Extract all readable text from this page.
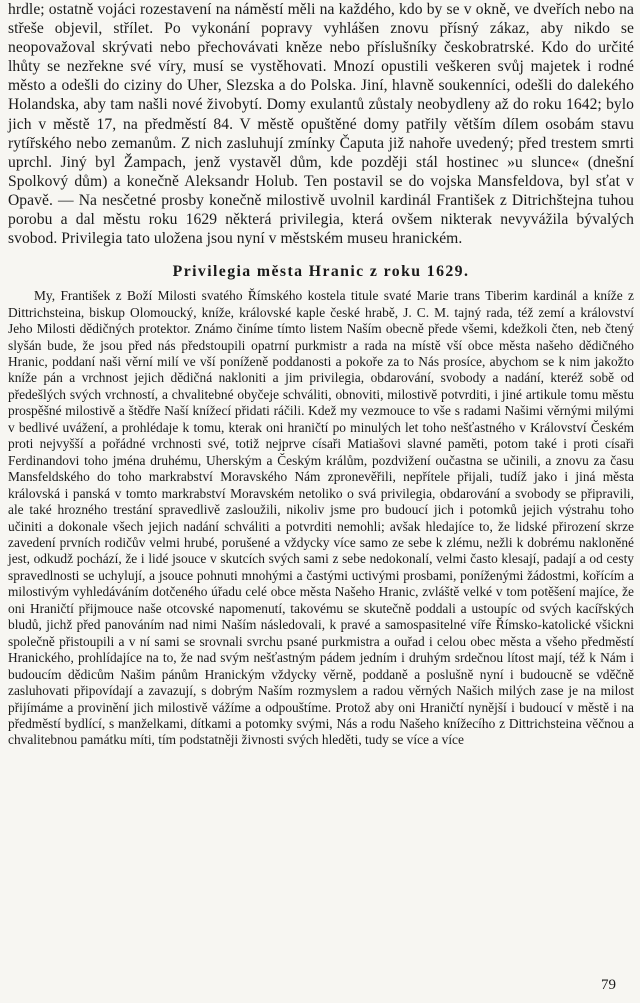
hrdle; ostatně vojáci rozestavení na náměstí měli na každého, kdo by se v okně, ve dveřích nebo na střeše objevil, střílet. Po vykonání popravy vyhlášen znovu přísný zákaz, aby nikdo se neopovažoval skrývati nebo přechovávati kněze nebo příslušníky českobratrské. Kdo do určité lhůty se nezřekne své víry, musí se vystěhovati. Mnozí opustili veškeren svůj majetek i rodné město a odešli do ciziny do Uher, Slezska a do Polska. Jiní, hlavně soukenníci, odešli do dalekého Holandska, aby tam našli nové živobytí. Domy exulantů zůstaly neobydleny až do roku 1642; bylo jich v městě 17, na předměstí 84. V městě opuštěné domy patřily větším dílem osobám stavu rytířského nebo zemanům. Z nich zasluhují zmínky Čaputa již nahoře uvedený; před trestem smrti uprchl. Jiný byl Žampach, jenž vystavěl dům, kde později stál hostinec »u slunce« (dnešní Spolkový dům) a konečně Aleksandr Holub. Ten postavil se do vojska Mansfeldova, byl sťat v Opavě. — Na nesčetné prosby konečně milostivě uvolnil kardinál František z Ditrichštejna tuhou porobu a dal městu roku 1629 některá privilegia, která ovšem nikterak nevyvážila bývalých svobod. Privilegia tato uložena jsou nyní v městském museu hranickém.

Privilegia města Hranic z roku 1629.

My, František z Boží Milosti svatého Římského kostela titule svaté Marie trans Tiberim kardinál a kníže z Dittrichsteina, biskup Olomoucký, kníže, královské kaple české hrabě, J. C. M. tajný rada, též zemí a království Jeho Milosti dědičných protektor. Známo činíme tímto listem Naším obecně přede všemi, kdežkoli čten, neb čtený slyšán bude, že jsou před nás předstoupili opatrní purkmistr a rada na místě vší obce města našeho dědičného Hranic, poddaní naši věrní milí ve vší poníženě poddanosti a pokoře za to Nás prosíce, abychom se k nim jakožto kníže pán a vrchnost jejich dědičná nakloniti a jim privilegia, obdarování, svobody a nadání, kteréž sobě od předešlých svých vrchností, a chvalitebné obyčeje schváliti, obnoviti, milostivě potvrditi, i jiné artikule tomu městu prospěšné milostivě a štědře Naší knížecí přidati ráčili. Kdež my vezmouce to vše s radami Našimi věrnými milými v bedlivé uvážení, a prohlédaje k tomu, kterak oni hraničtí po minulých let toho nešťastného v Království Českém proti nejvyšší a pořádné vrchnosti své, totiž nejprve císaři Matiašovi slavné paměti, potom také i proti císaři Ferdinandovi toho jména druhému, Uherským a Českým králům, pozdvižení oučastna se učinili, a znovu za času Mansfeldského do toho markrabství Moravského Nám zpronevěřili, nepřítele přijali, tudíž jako i jiná města královská i panská v tomto markrabství Moravském netoliko o svá privilegia, obdarování a svobody se připravili, ale také hrozného trestání spravedlivě zasloužili, nikoliv jsme pro budoucí jich i potomků jejich výstrahu toho učiniti a dokonale všech jejich nadání schváliti a potvrditi nemohli; avšak hledajíce to, že lidské přirození skrze zavedení prvních rodičův velmi hrubé, porušené a vždycky více samo ze sebe k zlému, nežli k dobrému nakloněné jest, odkudž pochází, že i lidé jsouce v skutcích svých sami z sebe nedokonalí, velmi často klesají, padají a od cesty spravedlnosti se uchylují, a jsouce pohnuti mnohými a častými uctivými prosbami, poníženými žádostmi, kořícím a milostivým vyhledáváním dotčeného úřadu celé obce města Našeho Hranic, zvláště velké v tom potěšení majíce, že oni Hraničtí přijmouce naše otcovské napomenutí, takovému se skutečně poddali a ustoupíc od svých kacířských bludů, jichž před panováním nad nimi Naším následovali, k pravé a samospasitelné víře Římsko-katolické všickni společně přistoupili a v ní sami se srovnali svrchu psané purkmistra a ouřad i celou obec města a všeho předměstí Hranického, prohlídajíce na to, že nad svým nešťastným pádem jedním i druhým srdečnou lítost mají, též k Nám i budoucím dědicům Našim pánům Hranickým vždycky věrně, poddaně a poslušně nyní i budoucně se vděčně zasluhovati připovídají a zavazují, s dobrým Naším rozmyslem a radou věrných Našich milých zase je na milost přijímáme a provinění jich milostivě vážíme a odpouštíme. Protož aby oni Hraničtí nynější i budoucí v městě i na předměstí bydlící, s manželkami, dítkami a potomky svými, Nás a rodu Našeho knížecího z Dittrichsteina věčnou a chvalitebnou památku míti, tím podstatněji živnosti svých hleděti, tudy se více a více

79
